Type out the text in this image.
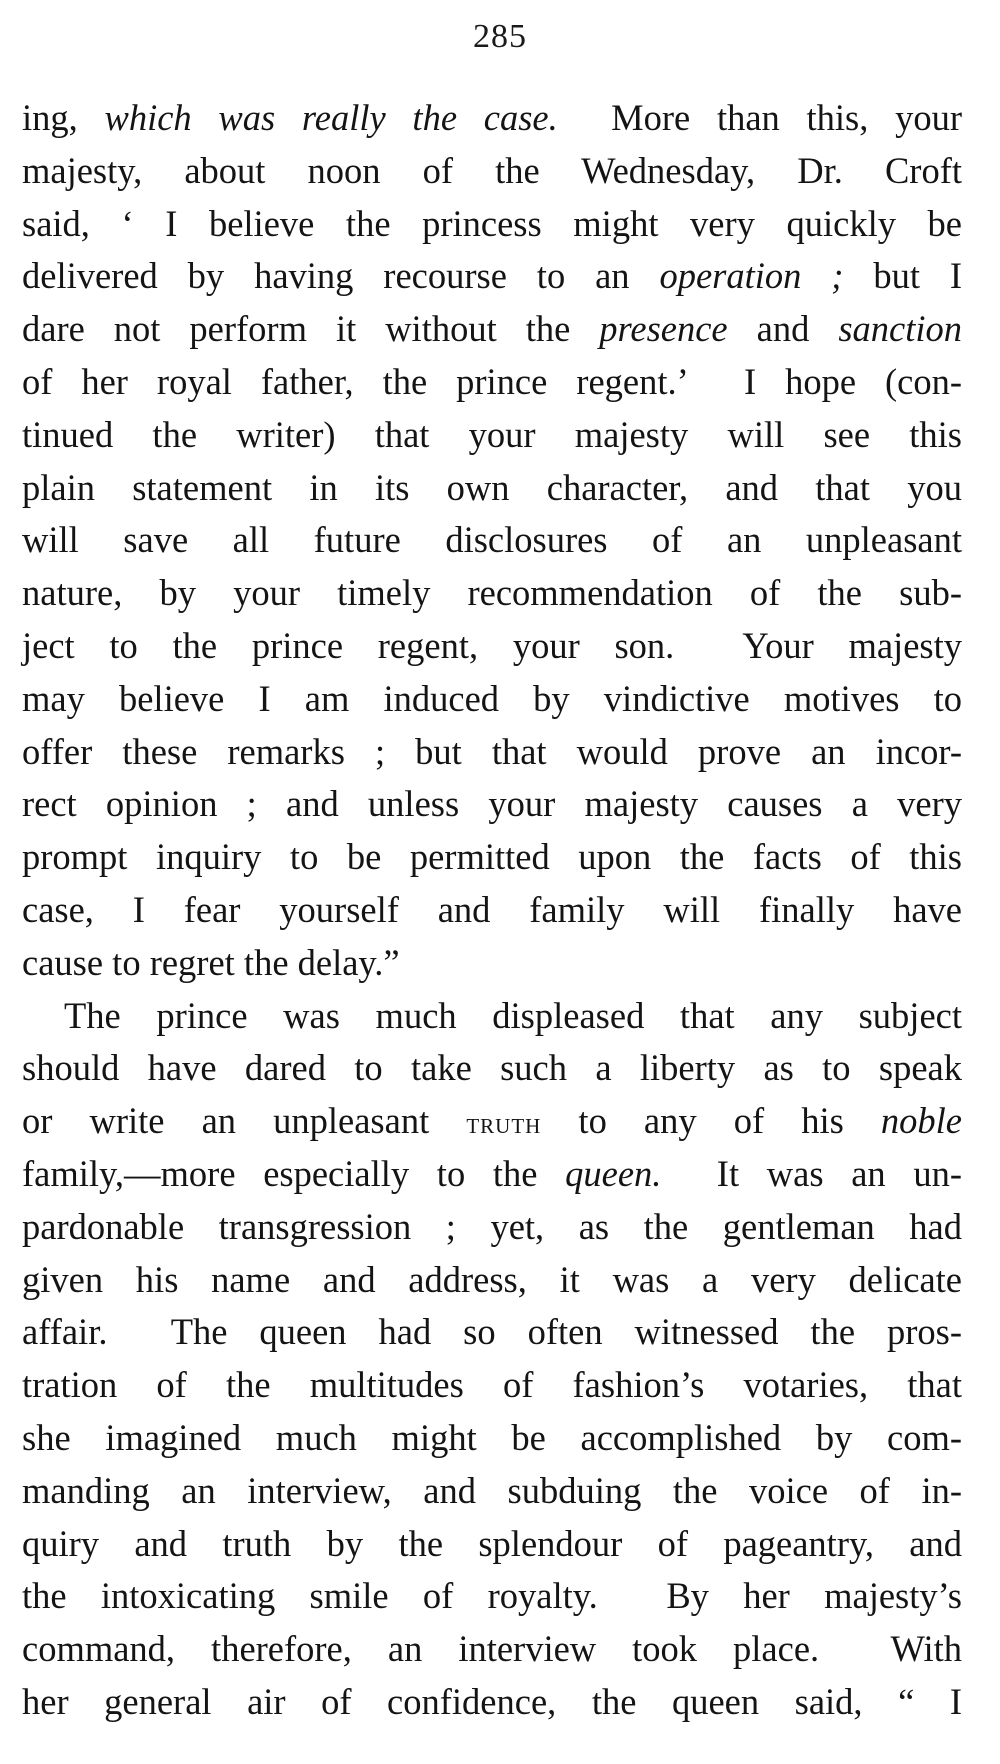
285
ing, which was really the case.  More than this, your
majesty, about noon of the Wednesday, Dr. Croft
said, ‘ I believe the princess might very quickly be
delivered by having recourse to an operation ; but I
dare not perform it without the presence and sanction
of her royal father, the prince regent.’  I hope (con-
tinued the writer) that your majesty will see this
plain statement in its own character, and that you
will save all future disclosures of an unpleasant
nature, by your timely recommendation of the sub-
ject to the prince regent, your son.  Your majesty
may believe I am induced by vindictive motives to
offer these remarks ; but that would prove an incor-
rect opinion ; and unless your majesty causes a very
prompt inquiry to be permitted upon the facts of this
case, I fear yourself and family will finally have
cause to regret the delay.”
The prince was much displeased that any subject
should have dared to take such a liberty as to speak
or write an unpleasant truth to any of his noble
family,—more especially to the queen.  It was an un-
pardonable transgression ; yet, as the gentleman had
given his name and address, it was a very delicate
affair.  The queen had so often witnessed the pros-
tration of the multitudes of fashion’s votaries, that
she imagined much might be accomplished by com-
manding an interview, and subduing the voice of in-
quiry and truth by the splendour of pageantry, and
the intoxicating smile of royalty.  By her majesty’s
command, therefore, an interview took place.  With
her general air of confidence, the queen said, “ I
